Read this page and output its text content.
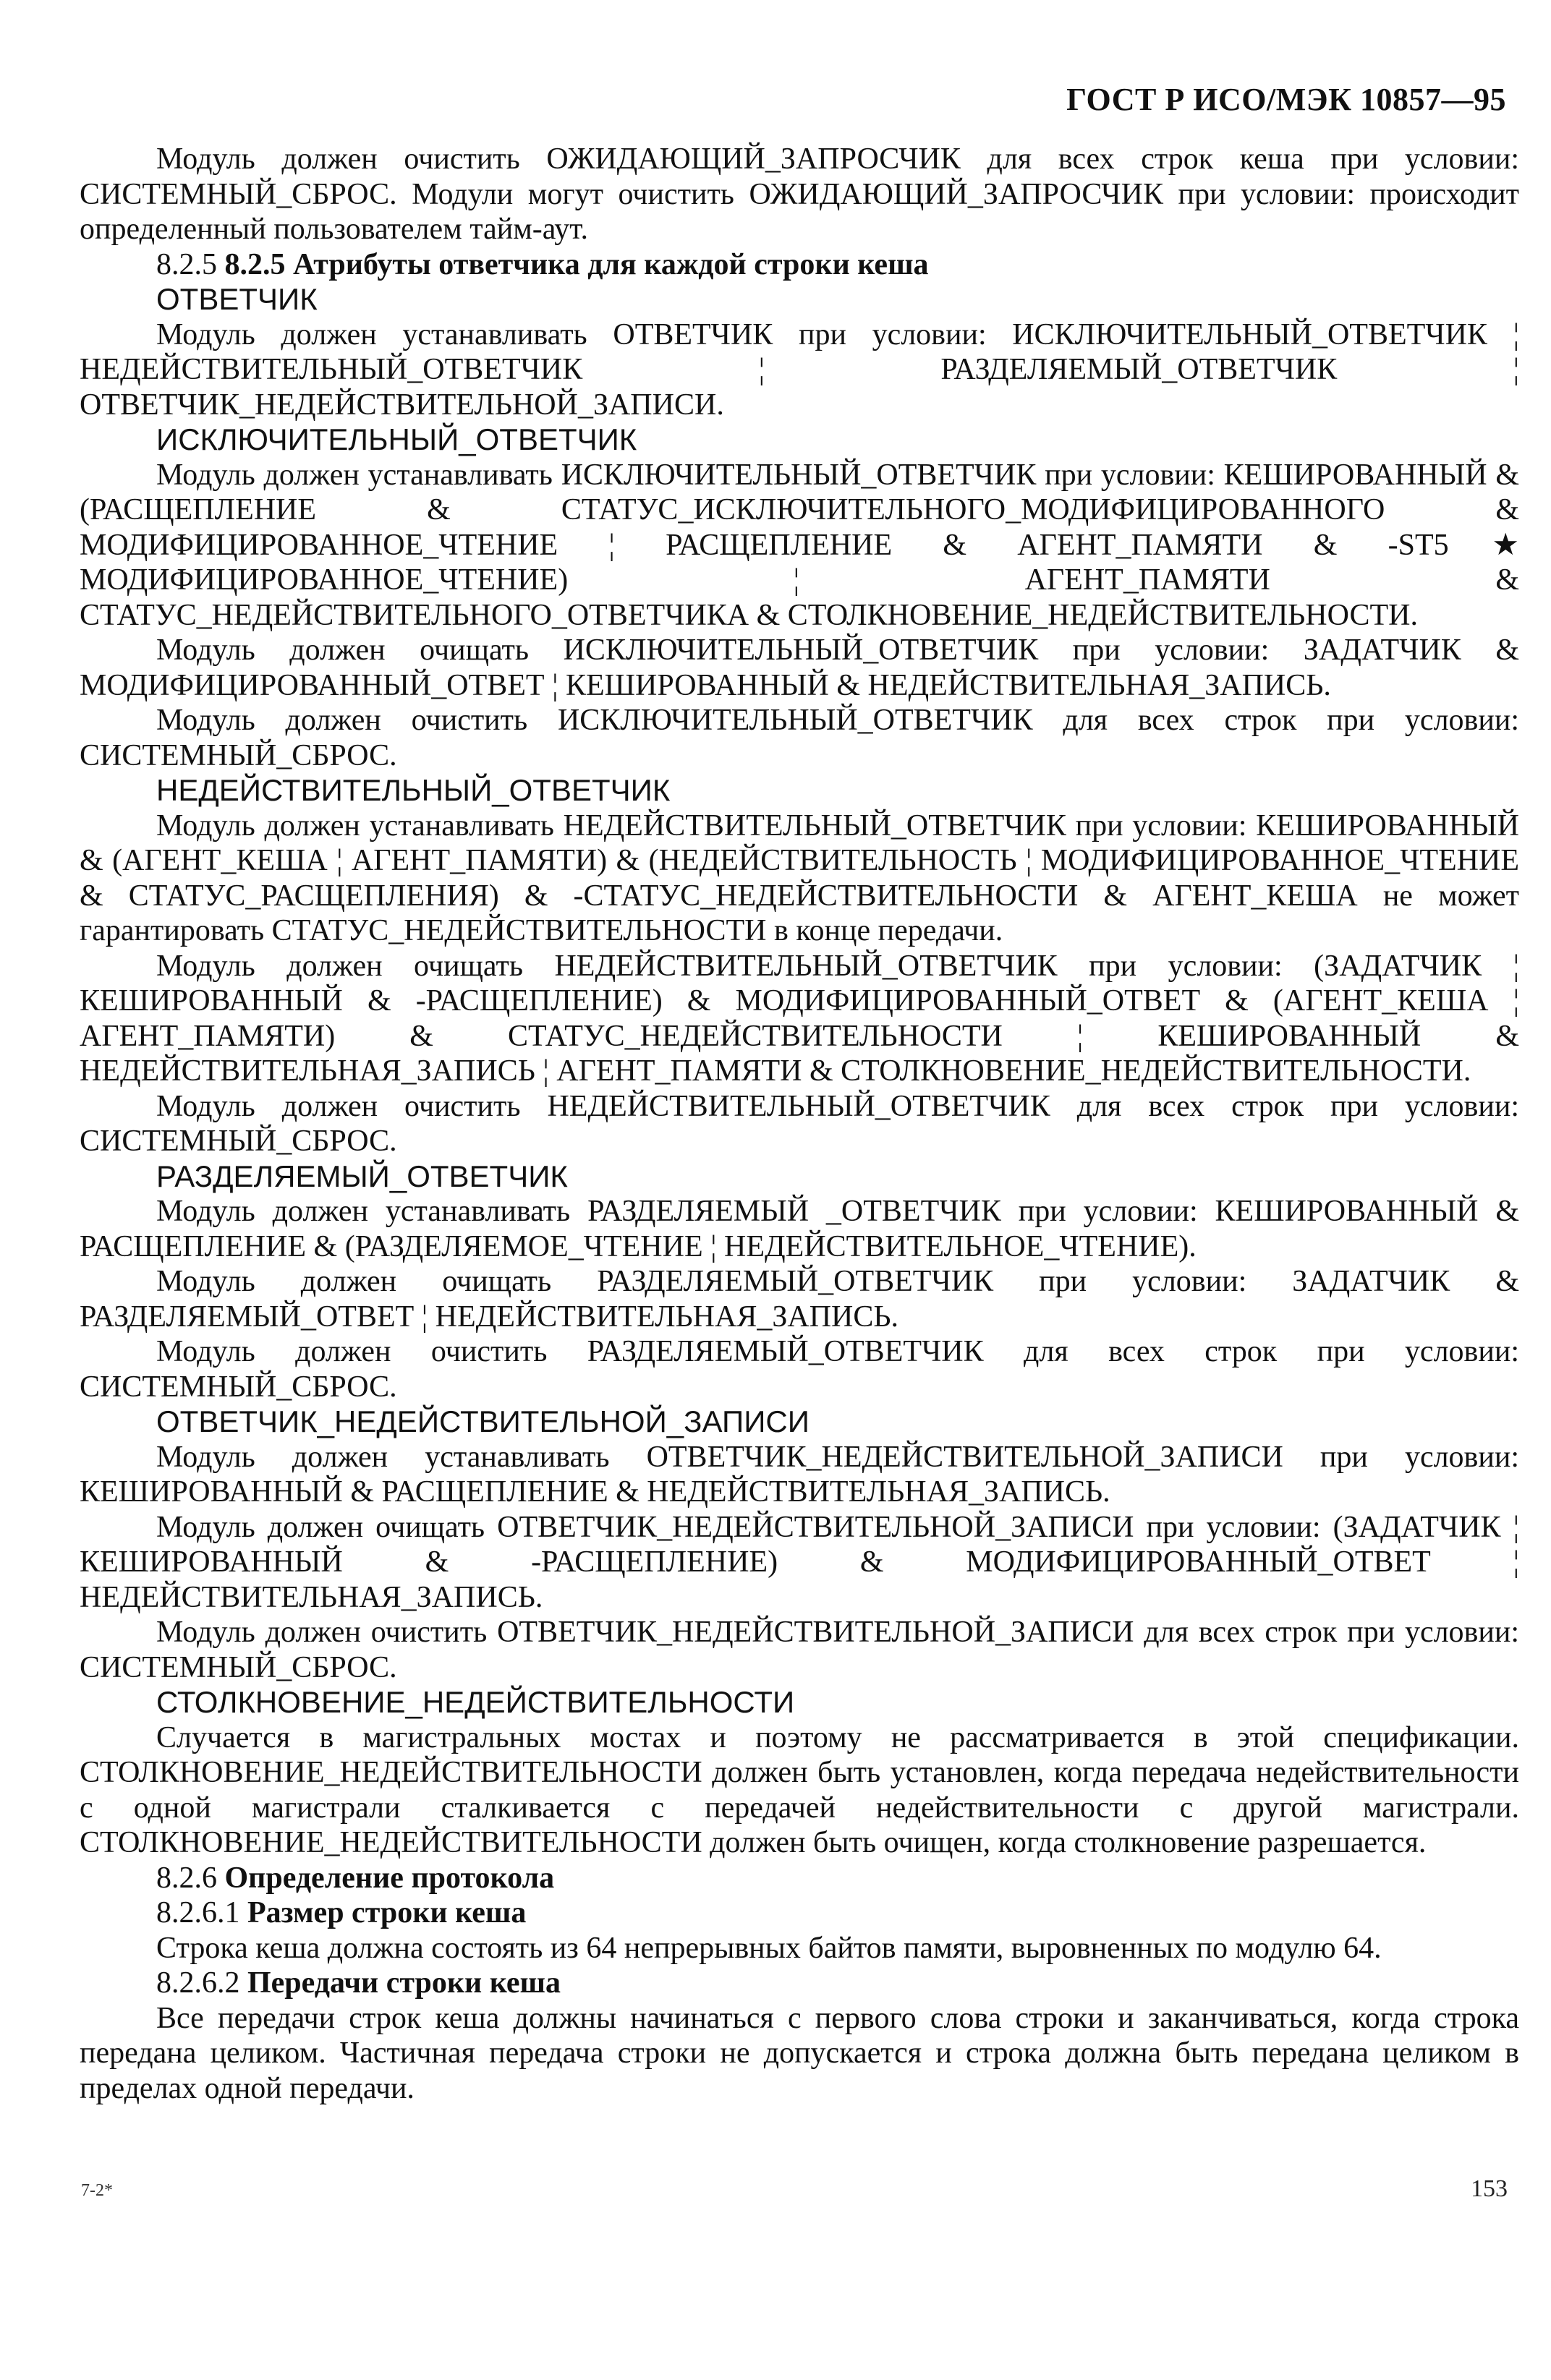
ГОСТ Р ИСО/МЭК 10857—95

Модуль должен очистить ОЖИДАЮЩИЙ_ЗАПРОСЧИК для всех строк кеша при условии: СИСТЕМНЫЙ_СБРОС. Модули могут очистить ОЖИДАЮЩИЙ_ЗАПРОСЧИК при условии: происходит определенный пользователем тайм-аут.

8.2.5 8.2.5 Атрибуты ответчика для каждой строки кеша

ОТВЕТЧИК

Модуль должен устанавливать ОТВЕТЧИК при условии: ИСКЛЮЧИТЕЛЬНЫЙ_ОТВЕТЧИК ¦ НЕДЕЙСТВИТЕЛЬНЫЙ_ОТВЕТЧИК ¦ РАЗДЕЛЯЕМЫЙ_ОТВЕТЧИК ¦ ОТВЕТЧИК_НЕДЕЙСТВИТЕЛЬНОЙ_ЗАПИСИ.

ИСКЛЮЧИТЕЛЬНЫЙ_ОТВЕТЧИК

Модуль должен устанавливать ИСКЛЮЧИТЕЛЬНЫЙ_ОТВЕТЧИК при условии: КЕШИРОВАННЫЙ & (РАСЩЕПЛЕНИЕ & СТАТУС_ИСКЛЮЧИТЕЛЬНОГО_МОДИФИЦИРОВАННОГО & МОДИФИЦИРОВАННОЕ_ЧТЕНИЕ ¦ РАСЩЕПЛЕНИЕ & АГЕНТ_ПАМЯТИ & -ST5★ МОДИФИЦИРОВАННОЕ_ЧТЕНИЕ) ¦ АГЕНТ_ПАМЯТИ & СТАТУС_НЕДЕЙСТВИТЕЛЬНОГО_ОТВЕТЧИКА & СТОЛКНОВЕНИЕ_НЕДЕЙСТВИТЕЛЬНОСТИ.

Модуль должен очищать ИСКЛЮЧИТЕЛЬНЫЙ_ОТВЕТЧИК при условии: ЗАДАТЧИК & МОДИФИЦИРОВАННЫЙ_ОТВЕТ ¦ КЕШИРОВАННЫЙ & НЕДЕЙСТВИТЕЛЬНАЯ_ЗАПИСЬ.

Модуль должен очистить ИСКЛЮЧИТЕЛЬНЫЙ_ОТВЕТЧИК для всех строк при условии: СИСТЕМНЫЙ_СБРОС.

НЕДЕЙСТВИТЕЛЬНЫЙ_ОТВЕТЧИК

Модуль должен устанавливать НЕДЕЙСТВИТЕЛЬНЫЙ_ОТВЕТЧИК при условии: КЕШИРОВАННЫЙ & (АГЕНТ_КЕША ¦ АГЕНТ_ПАМЯТИ) & (НЕДЕЙСТВИТЕЛЬНОСТЬ ¦ МОДИФИЦИРОВАННОЕ_ЧТЕНИЕ & СТАТУС_РАСЩЕПЛЕНИЯ) & -СТАТУС_НЕДЕЙСТВИТЕЛЬНОСТИ & АГЕНТ_КЕША не может гарантировать СТАТУС_НЕДЕЙСТВИТЕЛЬНОСТИ в конце передачи.

Модуль должен очищать НЕДЕЙСТВИТЕЛЬНЫЙ_ОТВЕТЧИК при условии: (ЗАДАТЧИК ¦ КЕШИРОВАННЫЙ & -РАСЩЕПЛЕНИЕ) & МОДИФИЦИРОВАННЫЙ_ОТВЕТ & (АГЕНТ_КЕША ¦ АГЕНТ_ПАМЯТИ) & СТАТУС_НЕДЕЙСТВИТЕЛЬНОСТИ ¦ КЕШИРОВАННЫЙ & НЕДЕЙСТВИТЕЛЬНАЯ_ЗАПИСЬ ¦ АГЕНТ_ПАМЯТИ & СТОЛКНОВЕНИЕ_НЕДЕЙСТВИТЕЛЬНОСТИ.

Модуль должен очистить НЕДЕЙСТВИТЕЛЬНЫЙ_ОТВЕТЧИК для всех строк при условии: СИСТЕМНЫЙ_СБРОС.

РАЗДЕЛЯЕМЫЙ_ОТВЕТЧИК

Модуль должен устанавливать РАЗДЕЛЯЕМЫЙ _ОТВЕТЧИК при условии: КЕШИРОВАННЫЙ & РАСЩЕПЛЕНИЕ & (РАЗДЕЛЯЕМОЕ_ЧТЕНИЕ ¦ НЕДЕЙСТВИТЕЛЬНОЕ_ЧТЕНИЕ).

Модуль должен очищать РАЗДЕЛЯЕМЫЙ_ОТВЕТЧИК при условии: ЗАДАТЧИК & РАЗДЕЛЯЕМЫЙ_ОТВЕТ ¦ НЕДЕЙСТВИТЕЛЬНАЯ_ЗАПИСЬ.

Модуль должен очистить РАЗДЕЛЯЕМЫЙ_ОТВЕТЧИК для всех строк при условии: СИСТЕМНЫЙ_СБРОС.

ОТВЕТЧИК_НЕДЕЙСТВИТЕЛЬНОЙ_ЗАПИСИ

Модуль должен устанавливать ОТВЕТЧИК_НЕДЕЙСТВИТЕЛЬНОЙ_ЗАПИСИ при условии: КЕШИРОВАННЫЙ & РАСЩЕПЛЕНИЕ & НЕДЕЙСТВИТЕЛЬНАЯ_ЗАПИСЬ.

Модуль должен очищать ОТВЕТЧИК_НЕДЕЙСТВИТЕЛЬНОЙ_ЗАПИСИ при условии: (ЗАДАТЧИК ¦ КЕШИРОВАННЫЙ & -РАСЩЕПЛЕНИЕ) & МОДИФИЦИРОВАННЫЙ_ОТВЕТ ¦ НЕДЕЙСТВИТЕЛЬНАЯ_ЗАПИСЬ.

Модуль должен очистить ОТВЕТЧИК_НЕДЕЙСТВИТЕЛЬНОЙ_ЗАПИСИ для всех строк при условии: СИСТЕМНЫЙ_СБРОС.

СТОЛКНОВЕНИЕ_НЕДЕЙСТВИТЕЛЬНОСТИ

Случается в магистральных мостах и поэтому не рассматривается в этой спецификации. СТОЛКНОВЕНИЕ_НЕДЕЙСТВИТЕЛЬНОСТИ должен быть установлен, когда передача недействительности с одной магистрали сталкивается с передачей недействительности с другой магистрали. СТОЛКНОВЕНИЕ_НЕДЕЙСТВИТЕЛЬНОСТИ должен быть очищен, когда столкновение разрешается.

8.2.6 Определение протокола

8.2.6.1 Размер строки кеша

Строка кеша должна состоять из 64 непрерывных байтов памяти, выровненных по модулю 64.

8.2.6.2 Передачи строки кеша

Все передачи строк кеша должны начинаться с первого слова строки и заканчиваться, когда строка передана целиком. Частичная передача строки не допускается и строка должна быть передана целиком в пределах одной передачи.

7-2*	153
